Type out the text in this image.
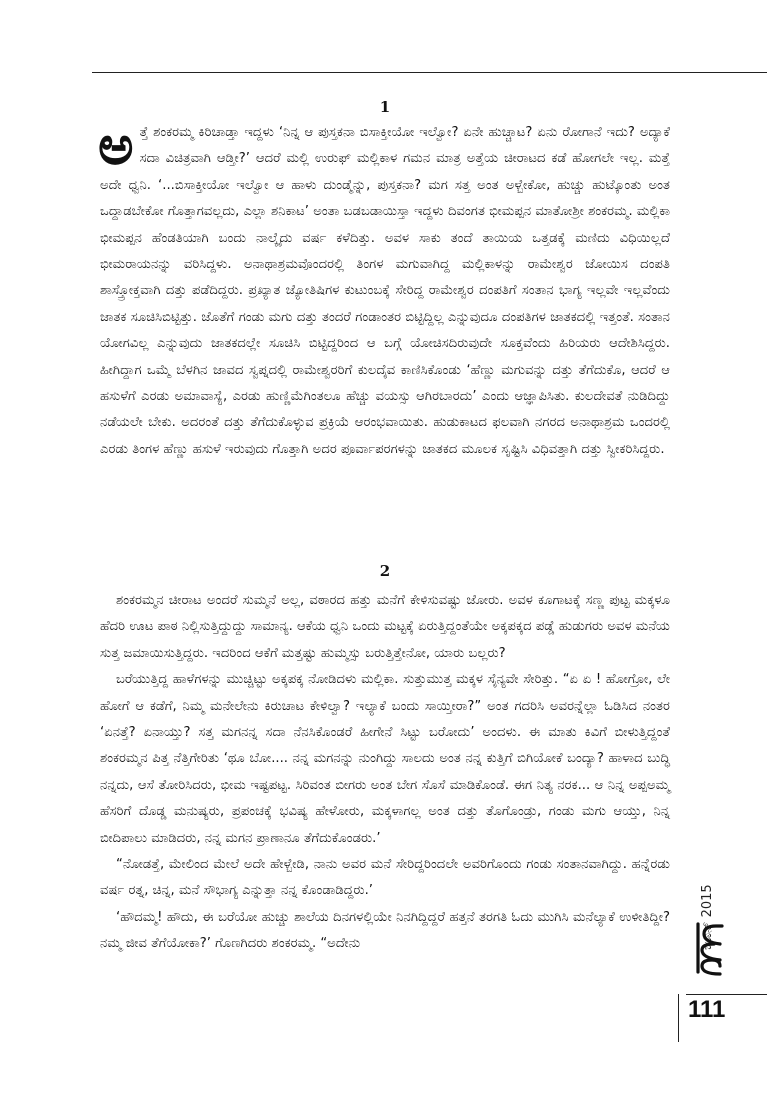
1

ಅತ್ತೆ ಶಂಕರಮ್ಮ ಕಿರಿಚಾಡ್ತಾ ಇದ್ದಳು ‘ನಿನ್ನ ಆ ಪುಸ್ತಕನಾ ಬಿಸಾಕ್ತೀಯೋ ಇಲ್ವೋ? ಏನೇ ಹುಚ್ಚಾಟ? ಏನು ರೋಗಾನೆ ಇದು? ಅದ್ಯಾಕೆ ಸದಾ ವಿಚಿತ್ರವಾಗಿ ಆಡ್ತೀ?’ ಆದರೆ ಮಲ್ಲಿ ಉರುಫ್ ಮಲ್ಲಿಕಾಳ ಗಮನ ಮಾತ್ರ ಅತ್ತೆಯ ಚೀರಾಟದ ಕಡೆ ಹೋಗಲೇ ಇಲ್ಲ. ಮತ್ತೆ ಅದೇ ಧ್ವನಿ. ‘...ಬಿಸಾಕ್ತೀಯೋ ಇಲ್ವೋ ಆ ಹಾಳು ದುಂಡ್ಮೆನ್ನು, ಪುಸ್ತಕನಾ? ಮಗ ಸತ್ತ ಅಂತ ಅಳ್ಬೇಕೋ, ಹುಚ್ಚು ಹುಟ್ಕೊಂತು ಅಂತ ಒದ್ದಾಡಬೇಕೋ ಗೊತ್ತಾಗವಲ್ಲದು, ಎಲ್ಲಾ ಶನಿಕಾಟ’ ಅಂತಾ ಬಡಬಡಾಯಿಸ್ತಾ ಇದ್ದಳು ದಿವಂಗತ ಭೀಮಪ್ಪನ ಮಾತೋಶ್ರೀ ಶಂಕರಮ್ಮ. ಮಲ್ಲಿಕಾ ಭೀಮಪ್ಪನ ಹೆಂಡತಿಯಾಗಿ ಬಂದು ನಾಲ್ಕೈದು ವರ್ಷ ಕಳೆದಿತ್ತು. ಅವಳ ಸಾಕು ತಂದೆ ತಾಯಿಯ ಒತ್ತಡಕ್ಕೆ ಮಣಿದು ವಿಧಿಯಿಲ್ಲದೆ ಭೀಮರಾಯನನ್ನು ವರಿಸಿದ್ದಳು. ಅನಾಥಾಶ್ರಮವೊಂದರಲ್ಲಿ ತಿಂಗಳ ಮಗುವಾಗಿದ್ದ ಮಲ್ಲಿಕಾಳನ್ನು ರಾಮೇಶ್ವರ ಜೋಯಿಸ ದಂಪತಿ ಶಾಸ್ತ್ರೋಕ್ತವಾಗಿ ದತ್ತು ಪಡೆದಿದ್ದರು. ಪ್ರಖ್ಯಾತ ಜ್ಯೋತಿಷಿಗಳ ಕುಟುಂಬಕ್ಕೆ ಸೇರಿದ್ದ ರಾಮೇಶ್ವರ ದಂಪತಿಗೆ ಸಂತಾನ ಭಾಗ್ಯ ಇಲ್ಲವೇ ಇಲ್ಲವೆಂದು ಜಾತಕ ಸೂಚಿಸಿಬಿಟ್ಟಿತ್ತು. ಜೊತೆಗೆ ಗಂಡು ಮಗು ದತ್ತು ತಂದರೆ ಗಂಡಾಂತರ ಬಿಟ್ಟಿದ್ದಿಲ್ಲ ಎನ್ನುವುದೂ ದಂಪತಿಗಳ ಜಾತಕದಲ್ಲಿ ಇತ್ತಂತೆ. ಸಂತಾನ ಯೋಗವಿಲ್ಲ ಎನ್ನುವುದು ಜಾತಕದಲ್ಲೇ ಸೂಚಿಸಿ ಬಿಟ್ಟಿದ್ದರಿಂದ ಆ ಬಗ್ಗೆ ಯೋಚಿಸದಿರುವುದೇ ಸೂಕ್ತವೆಂದು ಹಿರಿಯರು ಆದೇಶಿಸಿದ್ದರು. ಹೀಗಿದ್ದಾಗ ಒಮ್ಮೆ ಬೆಳಗಿನ ಜಾವದ ಸ್ವಪ್ನದಲ್ಲಿ ರಾಮೇಶ್ವರರಿಗೆ ಕುಲದೈವ ಕಾಣಿಸಿಕೊಂಡು ‘ಹೆಣ್ಣು ಮಗುವನ್ನು ದತ್ತು ತೆಗೆದುಕೊ, ಆದರೆ ಆ ಹಸುಳೆಗೆ ಎರಡು ಅಮಾವಾಸ್ಯೆ, ಎರಡು ಹುಣ್ಣಿಮೆಗಿಂತಲೂ ಹೆಚ್ಚು ವಯಸ್ಸು ಆಗಿರಬಾರದು’ ಎಂದು ಆಜ್ಞಾಪಿಸಿತು. ಕುಲದೇವತೆ ನುಡಿದಿದ್ದು ನಡೆಯಲೇ ಬೇಕು. ಅದರಂತೆ ದತ್ತು ತೆಗೆದುಕೊಳ್ಳುವ ಪ್ರಕ್ರಿಯೆ ಆರಂಭವಾಯಿತು. ಹುಡುಕಾಟದ ಫಲವಾಗಿ ನಗರದ ಅನಾಥಾಶ್ರಮ ಒಂದರಲ್ಲಿ ಎರಡು ತಿಂಗಳ ಹೆಣ್ಣು ಹಸುಳೆ ಇರುವುದು ಗೊತ್ತಾಗಿ ಅದರ ಪೂರ್ವಾಪರಗಳನ್ನು ಜಾತಕದ ಮೂಲಕ ಸೃಷ್ಟಿಸಿ ವಿಧಿವತ್ತಾಗಿ ದತ್ತು ಸ್ವೀಕರಿಸಿದ್ದರು.

2

ಶಂಕರಮ್ಮನ ಚೀರಾಟ ಅಂದರೆ ಸುಮ್ಮನೆ ಅಲ್ಲ, ವಠಾರದ ಹತ್ತು ಮನೆಗೆ ಕೇಳಿಸುವಷ್ಟು ಜೋರು. ಅವಳ ಕೂಗಾಟಕ್ಕೆ ಸಣ್ಣ ಪುಟ್ಟ ಮಕ್ಕಳೂ ಹೆದರಿ ಊಟ ಪಾಠ ನಿಲ್ಲಿಸುತ್ತಿದ್ದುದ್ದು ಸಾಮಾನ್ಯ. ಆಕೆಯ ಧ್ವನಿ ಒಂದು ಮಟ್ಟಕ್ಕೆ ಏರುತ್ತಿದ್ದಂತೆಯೇ ಅಕ್ಕಪಕ್ಕದ ಪಡ್ಡೆ ಹುಡುಗರು ಅವಳ ಮನೆಯ ಸುತ್ತ ಜಮಾಯಿಸುತ್ತಿದ್ದರು. ಇದರಿಂದ ಆಕೆಗೆ ಮತ್ತಷ್ಟು ಹುಮ್ಮಸ್ಸು ಬರುತ್ತಿತ್ತೇನೋ, ಯಾರು ಬಲ್ಲರು?

ಬರೆಯುತ್ತಿದ್ದ ಹಾಳೆಗಳನ್ನು ಮುಚ್ಚಿಟ್ಟು ಅಕ್ಕಪಕ್ಕ ನೋಡಿದಳು ಮಲ್ಲಿಕಾ. ಸುತ್ತುಮುತ್ತ ಮಕ್ಕಳ ಸೈನ್ಯವೇ ಸೇರಿತ್ತು. “ಏ ಏ ! ಹೋಗ್ರೋ, ಲೇ ಹೋಗೆ ಆ ಕಡೆಗೆ, ನಿಮ್ಮ ಮನೇಲೇನು ಕಿರುಚಾಟ ಕೇಳಿಲ್ವಾ? ಇಲ್ಯಾಕೆ ಬಂದು ಸಾಯ್ತೀರಾ?” ಅಂತ ಗದರಿಸಿ ಅವರನ್ನೆಲ್ಲಾ ಓಡಿಸಿದ ನಂತರ ‘ಏನತ್ತೆ? ಏನಾಯ್ತು? ಸತ್ತ ಮಗನನ್ನ ಸದಾ ನೆನಸಿಕೊಂಡರೆ ಹೀಗೇನೆ ಸಿಟ್ಟು ಬರೋದು’ ಅಂದಳು. ಈ ಮಾತು ಕಿವಿಗೆ ಬೀಳುತ್ತಿದ್ದಂತೆ ಶಂಕರಮ್ಮನ ಪಿತ್ತ ನೆತ್ತಿಗೇರಿತು ‘ಥೂ ಬೋ.... ನನ್ನ ಮಗನನ್ನು ನುಂಗಿದ್ದು ಸಾಲದು ಅಂತ ನನ್ನ ಕುತ್ತಿಗೆ ಬಿಗಿಯೋಕೆ ಬಂದ್ಯಾ? ಹಾಳಾದ ಬುದ್ಧಿ ನನ್ನದು, ಆಸೆ ತೋರಿಸಿದರು, ಭೀಮ ಇಷ್ಟಪಟ್ಟ. ಸಿರಿವಂತ ಬೀಗರು ಅಂತ ಬೇಗ ಸೊಸೆ ಮಾಡಿಕೊಂಡೆ. ಈಗ ನಿತ್ಯ ನರಕ... ಆ ನಿನ್ನ ಅಪ್ಪಅಮ್ಮ ಹೆಸರಿಗೆ ದೊಡ್ಡ ಮನುಷ್ಯರು, ಪ್ರಪಂಚಕ್ಕೆ ಭವಿಷ್ಯ ಹೇಳೋರು, ಮಕ್ಕಳಾಗಲ್ಲ ಅಂತ ದತ್ತು ತೊಗೊಂಡ್ರು, ಗಂಡು ಮಗು ಆಯ್ತು, ನಿನ್ನ ಬೀದಿಪಾಲು ಮಾಡಿದರು, ನನ್ನ ಮಗನ ಪ್ರಾಣಾನೂ ತೆಗೆದುಕೊಂಡರು.’

“ನೋಡತ್ತೆ, ಮೇಲಿಂದ ಮೇಲೆ ಅದೇ ಹೇಳ್ಬೇಡಿ, ನಾನು ಅವರ ಮನೆ ಸೇರಿದ್ದರಿಂದಲೇ ಅವರಿಗೊಂದು ಗಂಡು ಸಂತಾನವಾಗಿದ್ದು. ಹನ್ನೆರಡು ವರ್ಷ ರತ್ನ, ಚಿನ್ನ, ಮನೆ ಸೌಭಾಗ್ಯ ಎನ್ನುತ್ತಾ ನನ್ನ ಕೊಂಡಾಡಿದ್ದರು.’

‘ಹೌದಮ್ಮ! ಹೌದು, ಈ ಬರೆಯೋ ಹುಚ್ಚು ಶಾಲೆಯ ದಿನಗಳಲ್ಲಿಯೇ ನಿನಗಿದ್ದಿದ್ದರೆ ಹತ್ತನೆ ತರಗತಿ ಓದು ಮುಗಿಸಿ ಮನೆಲ್ಯಾಕೆ ಉಳೀತಿದ್ದೀ? ನಮ್ಮ ಜೀವ ತೆಗೆಯೋಕಾ?’ ಗೊಣಗಿದರು ಶಂಕರಮ್ಮ. “ಅದೇನು	ಜೂನ್ 2015
111
